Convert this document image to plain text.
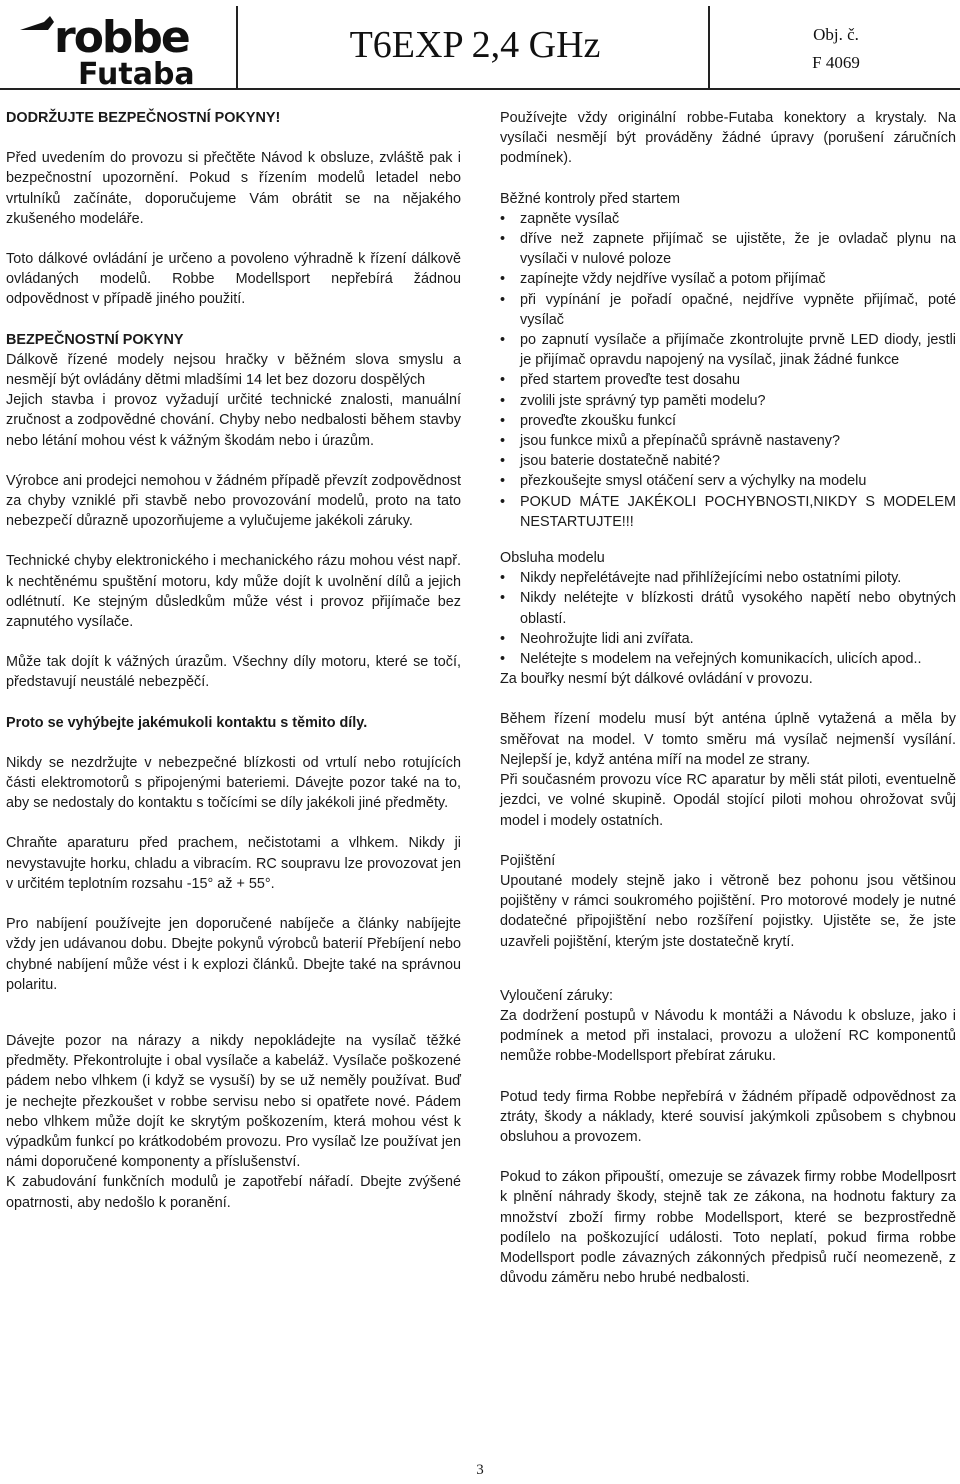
robbe
Futaba
T6EXP 2,4 GHz	Obj. č.
F 4069

DODRŽUJTE BEZPEČNOSTNÍ POKYNY!

Před uvedením do provozu si přečtěte Návod k obsluze, zvláště pak i bezpečnostní upozornění. Pokud s řízením modelů letadel nebo vrtulníků začínáte, doporučujeme Vám obrátit se na nějakého zkušeného modeláře.

Toto dálkové ovládání je určeno a povoleno výhradně k řízení dálkově ovládaných modelů. Robbe Modellsport nepřebírá žádnou odpovědnost v případě jiného použití.

BEZPEČNOSTNÍ POKYNY

Dálkově řízené modely nejsou hračky v běžném slova smyslu a nesmějí být ovládány dětmi mladšími 14 let bez dozoru dospělých

Jejich stavba i provoz vyžadují určité technické znalosti, manuální zručnost a zodpovědné chování. Chyby nebo nedbalosti během stavby nebo létání mohou vést k vážným škodám nebo i úrazům.

Výrobce ani prodejci nemohou v žádném případě převzít zodpovědnost za chyby vzniklé při stavbě nebo provozování modelů, proto na tato nebezpečí důrazně upozorňujeme a vylučujeme jakékoli záruky.

Technické chyby elektronického i mechanického rázu mohou vést např. k nechtěnému spuštění motoru, kdy může dojít k uvolnění dílů a jejich odlétnutí. Ke stejným důsledkům může vést i provoz přijímače bez zapnutého vysílače.

Může tak dojít k vážných úrazům. Všechny díly motoru, které se točí, představují neustálé nebezpěčí.

Proto se vyhýbejte jakémukoli kontaktu s těmito díly.

Nikdy se nezdržujte v nebezpečné blízkosti od vrtulí nebo rotujících části elektromotorů s připojenými bateriemi. Dávejte pozor také na to, aby se nedostaly do kontaktu s točícími se díly jakékoli jiné předměty.

Chraňte aparaturu před prachem, nečistotami a vlhkem. Nikdy ji nevystavujte horku, chladu a vibracím. RC soupravu lze provozovat jen v určitém teplotním rozsahu -15° až + 55°.

Pro nabíjení používejte jen doporučené nabíječe a články nabíjejte vždy jen udávanou dobu. Dbejte pokynů výrobců baterií Přebíjení nebo chybné nabíjení může vést i k explozi článků. Dbejte také na správnou polaritu.

Dávejte pozor na nárazy a nikdy nepokládejte na vysílač těžké předměty. Překontrolujte i obal vysílače a kabeláž. Vysílače poškozené pádem nebo vlhkem (i když se vysuší) by se už neměly používat. Buď je nechejte přezkoušet v robbe servisu nebo si opatřete nové. Pádem nebo vlhkem může dojít ke skrytým poškozením, která mohou vést k výpadkům funkcí po krátkodobém provozu. Pro vysílač lze používat jen námi doporučené komponenty a příslušenství.

K zabudování funkčních modulů je zapotřebí nářadí. Dbejte zvýšené opatrnosti, aby nedošlo k poranění.

Používejte vždy originální robbe-Futaba konektory a krystaly. Na vysílači nesmějí být prováděny žádné úpravy (porušení záručních podmínek).

Běžné kontroly před startem

• zapněte vysílač
• dříve než zapnete přijímač se ujistěte, že je ovladač plynu na vysílači v nulové poloze
• zapínejte vždy nejdříve vysílač a potom přijímač
• při vypínání je pořadí opačné, nejdříve vypněte přijímač, poté vysílač
• po zapnutí vysílače a přijímače zkontrolujte prvně LED diody, jestli je přijímač opravdu napojený na vysílač, jinak žádné funkce
• před startem proveďte test dosahu
• zvolili jste správný typ paměti modelu?
• proveďte zkoušku funkcí
• jsou funkce mixů a přepínačů správně nastaveny?
• jsou baterie dostatečně nabité?
• přezkoušejte smysl otáčení serv a výchylky na modelu
• POKUD MÁTE JAKÉKOLI POCHYBNOSTI,NIKDY S MODELEM NESTARTUJTE!!!

Obsluha modelu

• Nikdy nepřelétávejte nad přihlížejícími nebo ostatními piloty.
• Nikdy nelétejte v blízkosti drátů vysokého napětí nebo obytných oblastí.
• Neohrožujte lidi ani zvířata.
• Nelétejte s modelem na veřejných komunikacích, ulicích apod..

Za bouřky nesmí být dálkové ovládání v provozu.

Během řízení modelu musí být anténa úplně vytažená a měla by směřovat na model. V tomto směru má vysílač nejmenší vysílání. Nejlepší je, když anténa míří na model ze strany.

Při současném provozu více RC aparatur by měli stát piloti, eventuelně jezdci, ve volné skupině. Opodál stojící piloti mohou ohrožovat svůj model i modely ostatních.

Pojištění

Upoutané modely stejně jako i větroně bez pohonu jsou většinou pojištěny v rámci soukromého pojištění. Pro motorové modely je nutné dodatečné připojištění nebo rozšíření pojistky. Ujistěte se, že jste uzavřeli pojištění, kterým jste dostatečně krytí.

Vyloučení záruky:

Za dodržení postupů v Návodu k montáži a Návodu k obsluze, jako i podmínek a metod při instalaci, provozu a uložení RC komponentů nemůže robbe-Modellsport přebírat záruku.

Potud tedy firma Robbe nepřebírá v žádném případě odpovědnost za ztráty, škody a náklady, které souvisí jakýmkoli způsobem s chybnou obsluhou a provozem.

Pokud to zákon připouští, omezuje se závazek firmy robbe Modellposrt k plnění náhrady škody, stejně tak ze zákona, na hodnotu faktury za množství zboží firmy robbe Modellsport, které se bezprostředně podílelo na poškozující události. Toto neplatí, pokud firma robbe Modellsport podle závazných zákonných předpisů ručí neomezeně, z důvodu záměru nebo hrubé nedbalosti.

3
